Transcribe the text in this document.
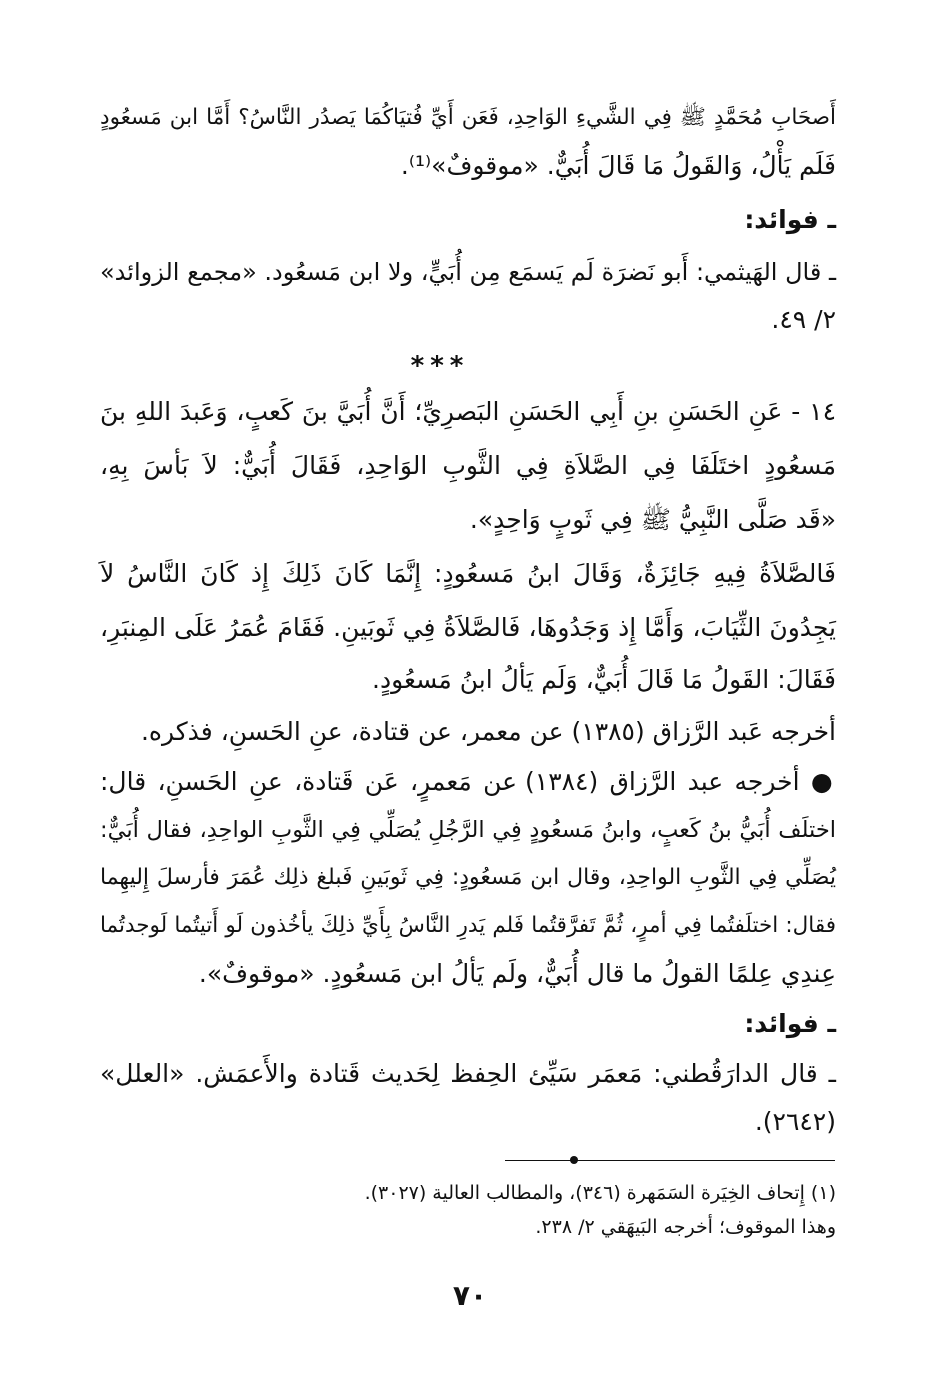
أَصحَابِ مُحَمَّدٍ ﷺ فِي الشَّيءِ الوَاحِدِ، فَعَن أَيِّ فُتيَاكُمَا يَصدُر النَّاسُ؟ أَمَّا ابن مَسعُودٍ
فَلَم يَأْلُ، وَالقَولُ مَا قَالَ أُبَيٌّ. «موقوفٌ»⁽¹⁾.
ـ فوائد:
ـ قال الهَيثمي: أَبو نَضرَة لَم يَسمَع مِن أُبَيٍّ، ولا ابن مَسعُود. «مجمع الزوائد»
٢/ ٤٩.
***
١٤ - عَنِ الحَسَنِ بنِ أَبِي الحَسَنِ البَصرِيِّ؛ أَنَّ أُبَيَّ بنَ كَعبٍ، وَعَبدَ اللهِ بنَ
مَسعُودٍ اختَلَفَا فِي الصَّلاَةِ فِي الثَّوبِ الوَاحِدِ، فَقَالَ أُبَيٌّ: لاَ بَأسَ بِهِ،
«قَد صَلَّى النَّبِيُّ ﷺ فِي ثَوبٍ وَاحِدٍ».
فَالصَّلاَةُ فِيهِ جَائِزَةٌ، وَقَالَ ابنُ مَسعُودٍ: إِنَّمَا كَانَ ذَلِكَ إِذ كَانَ النَّاسُ لاَ
يَجِدُونَ الثِّيَابَ، وَأَمَّا إِذ وَجَدُوهَا، فَالصَّلاَةُ فِي ثَوبَينِ. فَقَامَ عُمَرُ عَلَى المِنبَرِ،
فَقَالَ: القَولُ مَا قَالَ أُبَيٌّ، وَلَم يَألُ ابنُ مَسعُودٍ.
أخرجه عَبد الرَّزاق (١٣٨٥) عن معمر، عن قتادة، عنِ الحَسنِ، فذكره.
● أخرجه عبد الرَّزاق (١٣٨٤) عن مَعمرٍ، عَن قَتادة، عنِ الحَسنِ، قال:
اختلَف أُبَيُّ بنُ كَعبٍ، وابنُ مَسعُودٍ فِي الرَّجُلِ يُصَلِّي فِي الثَّوبِ الواحِدِ، فقال أُبَيٌّ:
يُصَلِّي فِي الثَّوبِ الواحِدِ، وقال ابن مَسعُودٍ: فِي ثَوبَينِ فَبلغ ذلِك عُمَرَ فأرسلَ إِليهِما
فقال: اختلَفتُما فِي أمرٍ، ثُمَّ تَفرَّقتُما فَلم يَدرِ النَّاسُ بِأَيِّ ذلِكَ يأخُذون لَو أَتيتُما لَوجدتُما
عِندِي عِلمًا القولُ ما قال أُبَيٌّ، ولَم يَألُ ابن مَسعُودٍ. «موقوفٌ».
ـ فوائد:
ـ قال الدارَقُطني: مَعمَر سَيِّئ الحِفظ لِحَديث قَتادة والأَعمَش. «العلل»
(٢٦٤٢).
(١) إِتحاف الخِيَرة السَمَهرة (٣٤٦)، والمطالب العالية (٣٠٢٧).
وهذا الموقوف؛ أخرجه البَيهَقي ٢/ ٢٣٨.
٧٠
